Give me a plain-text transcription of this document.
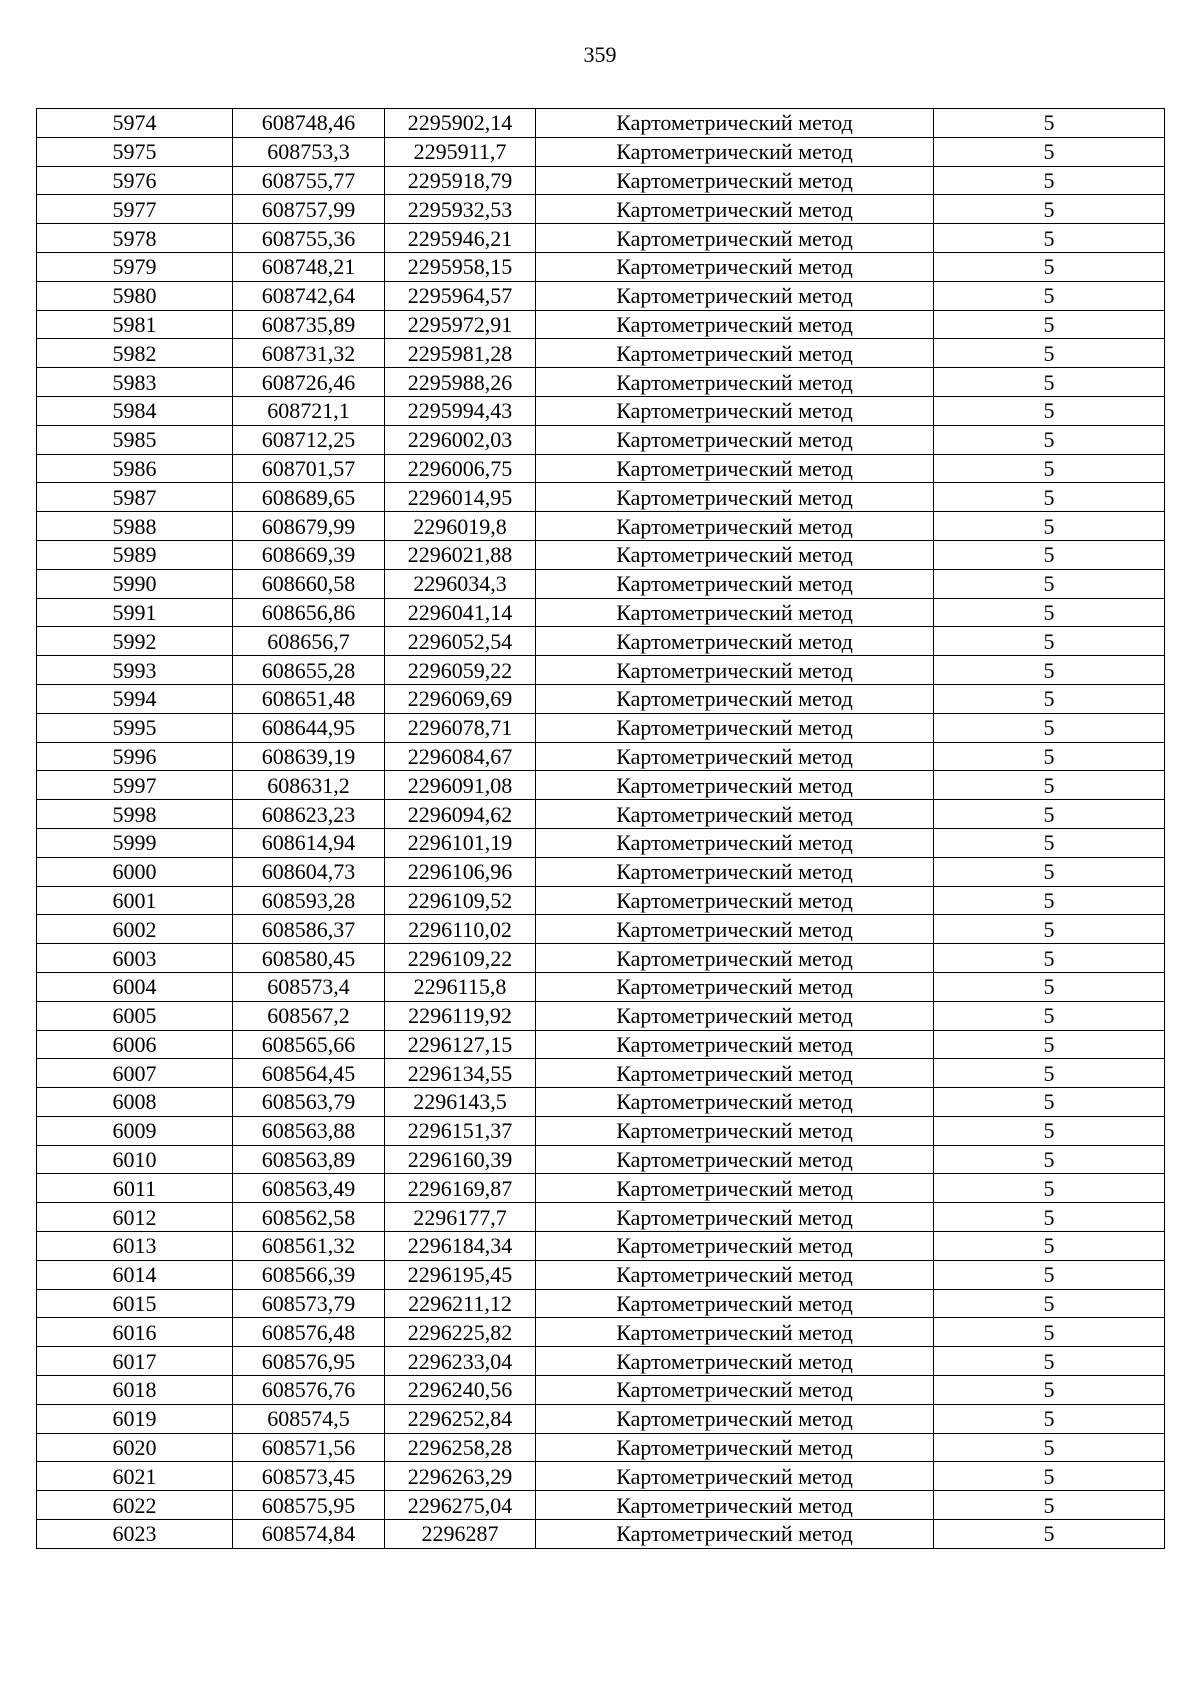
359
5974	608748,46	2295902,14	Картометрический метод	5
5975	608753,3	2295911,7	Картометрический метод	5
5976	608755,77	2295918,79	Картометрический метод	5
5977	608757,99	2295932,53	Картометрический метод	5
5978	608755,36	2295946,21	Картометрический метод	5
5979	608748,21	2295958,15	Картометрический метод	5
5980	608742,64	2295964,57	Картометрический метод	5
5981	608735,89	2295972,91	Картометрический метод	5
5982	608731,32	2295981,28	Картометрический метод	5
5983	608726,46	2295988,26	Картометрический метод	5
5984	608721,1	2295994,43	Картометрический метод	5
5985	608712,25	2296002,03	Картометрический метод	5
5986	608701,57	2296006,75	Картометрический метод	5
5987	608689,65	2296014,95	Картометрический метод	5
5988	608679,99	2296019,8	Картометрический метод	5
5989	608669,39	2296021,88	Картометрический метод	5
5990	608660,58	2296034,3	Картометрический метод	5
5991	608656,86	2296041,14	Картометрический метод	5
5992	608656,7	2296052,54	Картометрический метод	5
5993	608655,28	2296059,22	Картометрический метод	5
5994	608651,48	2296069,69	Картометрический метод	5
5995	608644,95	2296078,71	Картометрический метод	5
5996	608639,19	2296084,67	Картометрический метод	5
5997	608631,2	2296091,08	Картометрический метод	5
5998	608623,23	2296094,62	Картометрический метод	5
5999	608614,94	2296101,19	Картометрический метод	5
6000	608604,73	2296106,96	Картометрический метод	5
6001	608593,28	2296109,52	Картометрический метод	5
6002	608586,37	2296110,02	Картометрический метод	5
6003	608580,45	2296109,22	Картометрический метод	5
6004	608573,4	2296115,8	Картометрический метод	5
6005	608567,2	2296119,92	Картометрический метод	5
6006	608565,66	2296127,15	Картометрический метод	5
6007	608564,45	2296134,55	Картометрический метод	5
6008	608563,79	2296143,5	Картометрический метод	5
6009	608563,88	2296151,37	Картометрический метод	5
6010	608563,89	2296160,39	Картометрический метод	5
6011	608563,49	2296169,87	Картометрический метод	5
6012	608562,58	2296177,7	Картометрический метод	5
6013	608561,32	2296184,34	Картометрический метод	5
6014	608566,39	2296195,45	Картометрический метод	5
6015	608573,79	2296211,12	Картометрический метод	5
6016	608576,48	2296225,82	Картометрический метод	5
6017	608576,95	2296233,04	Картометрический метод	5
6018	608576,76	2296240,56	Картометрический метод	5
6019	608574,5	2296252,84	Картометрический метод	5
6020	608571,56	2296258,28	Картометрический метод	5
6021	608573,45	2296263,29	Картометрический метод	5
6022	608575,95	2296275,04	Картометрический метод	5
6023	608574,84	2296287	Картометрический метод	5
